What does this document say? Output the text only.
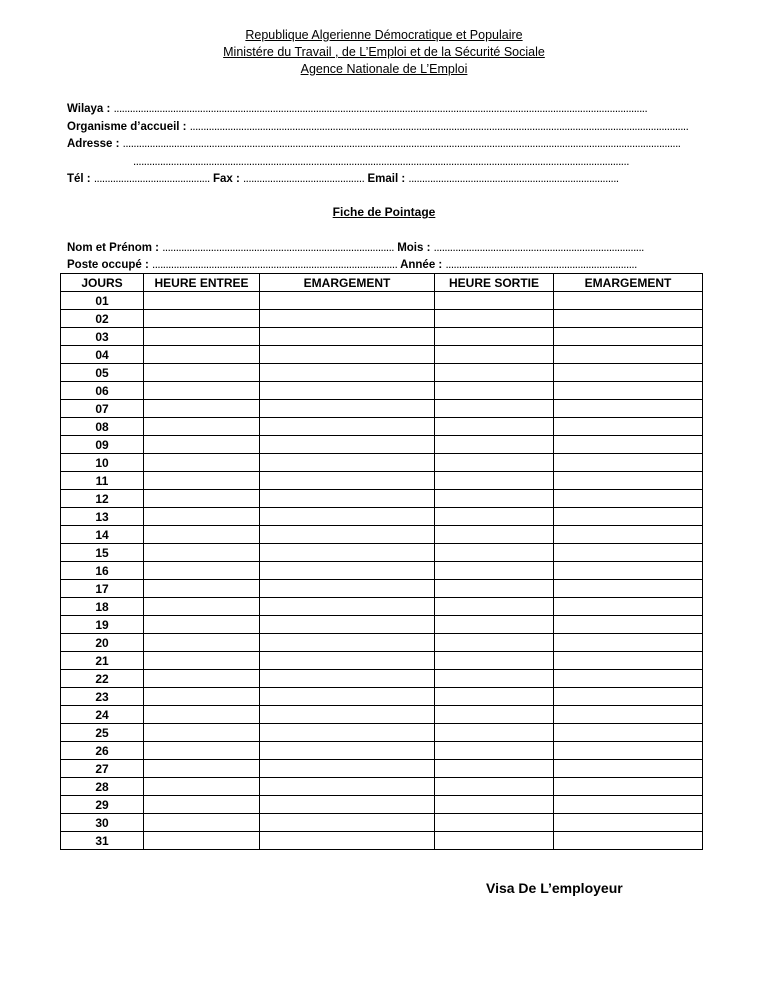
Republique Algerienne Démocratique et Populaire
Ministére du Travail , de L’Emploi et de la Sécurité Sociale
Agence Nationale de L’Emploi
Wilaya : ......................................................................................................................................................................................................
Organisme d’accueil : .........................................................................................................................................................................................
Adresse : ...............................................................................................................................................................................................................
........................................................................................................................................................................................
Tél : ........................................... Fax : ............................................. Email : ..............................................................................
Fiche de Pointage
Nom et Prénom : ...................................................................................... Mois : ..............................................................................
Poste occupé : ........................................................................................... Année : .......................................................................
JOURS	HEURE ENTREE	EMARGEMENT	HEURE SORTIE	EMARGEMENT
01				
02				
03				
04				
05				
06				
07				
08				
09				
10				
11				
12				
13				
14				
15				
16				
17				
18				
19				
20				
21				
22				
23				
24				
25				
26				
27				
28				
29				
30				
31				
Visa De L’employeur
